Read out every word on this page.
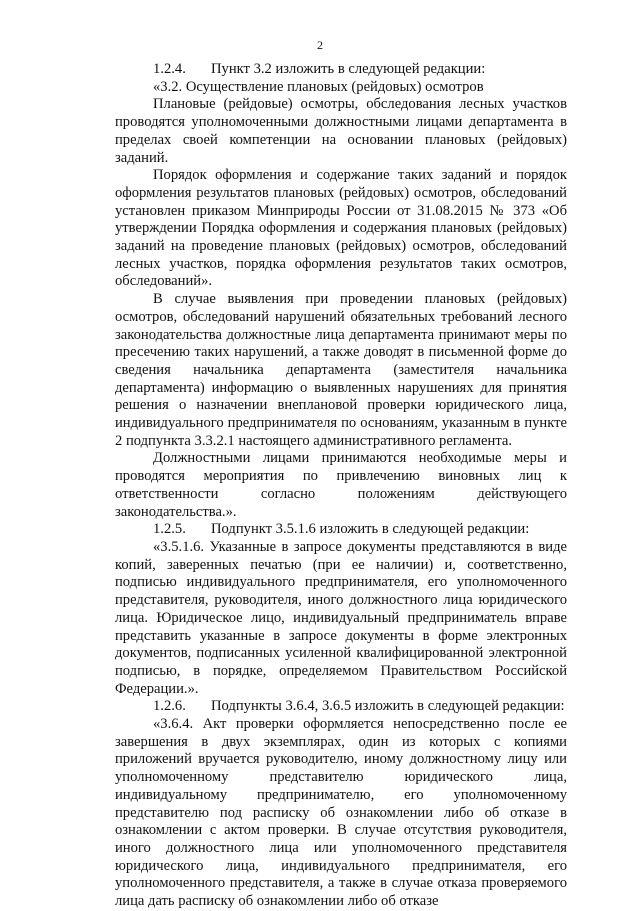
2

1.2.4. Пункт 3.2 изложить в следующей редакции:

«3.2. Осуществление плановых (рейдовых) осмотров

Плановые (рейдовые) осмотры, обследования лесных участков проводятся уполномоченными должностными лицами департамента в пределах своей компетенции на основании плановых (рейдовых) заданий.

Порядок оформления и содержание таких заданий и порядок оформления результатов плановых (рейдовых) осмотров, обследований установлен приказом Минприроды России от 31.08.2015 № 373 «Об утверждении Порядка оформления и содержания плановых (рейдовых) заданий на проведение плановых (рейдовых) осмотров, обследований лесных участков, порядка оформления результатов таких осмотров, обследований».

В случае выявления при проведении плановых (рейдовых) осмотров, обследований нарушений обязательных требований лесного законодательства должностные лица департамента принимают меры по пресечению таких нарушений, а также доводят в письменной форме до сведения начальника департамента (заместителя начальника департамента) информацию о выявленных нарушениях для принятия решения о назначении внеплановой проверки юридического лица, индивидуального предпринимателя по основаниям, указанным в пункте 2 подпункта 3.3.2.1 настоящего административного регламента.

Должностными лицами принимаются необходимые меры и проводятся мероприятия по привлечению виновных лиц к ответственности согласно положениям действующего законодательства.».

1.2.5. Подпункт 3.5.1.6 изложить в следующей редакции:

«3.5.1.6. Указанные в запросе документы представляются в виде копий, заверенных печатью (при ее наличии) и, соответственно, подписью индивидуального предпринимателя, его уполномоченного представителя, руководителя, иного должностного лица юридического лица. Юридическое лицо, индивидуальный предприниматель вправе представить указанные в запросе документы в форме электронных документов, подписанных усиленной квалифицированной электронной подписью, в порядке, определяемом Правительством Российской Федерации.».

1.2.6. Подпункты 3.6.4, 3.6.5 изложить в следующей редакции:

«3.6.4. Акт проверки оформляется непосредственно после ее завершения в двух экземплярах, один из которых с копиями приложений вручается руководителю, иному должностному лицу или уполномоченному представителю юридического лица, индивидуальному предпринимателю, его уполномоченному представителю под расписку об ознакомлении либо об отказе в ознакомлении с актом проверки. В случае отсутствия руководителя, иного должностного лица или уполномоченного представителя юридического лица, индивидуального предпринимателя, его уполномоченного представителя, а также в случае отказа проверяемого лица дать расписку об ознакомлении либо об отказе
